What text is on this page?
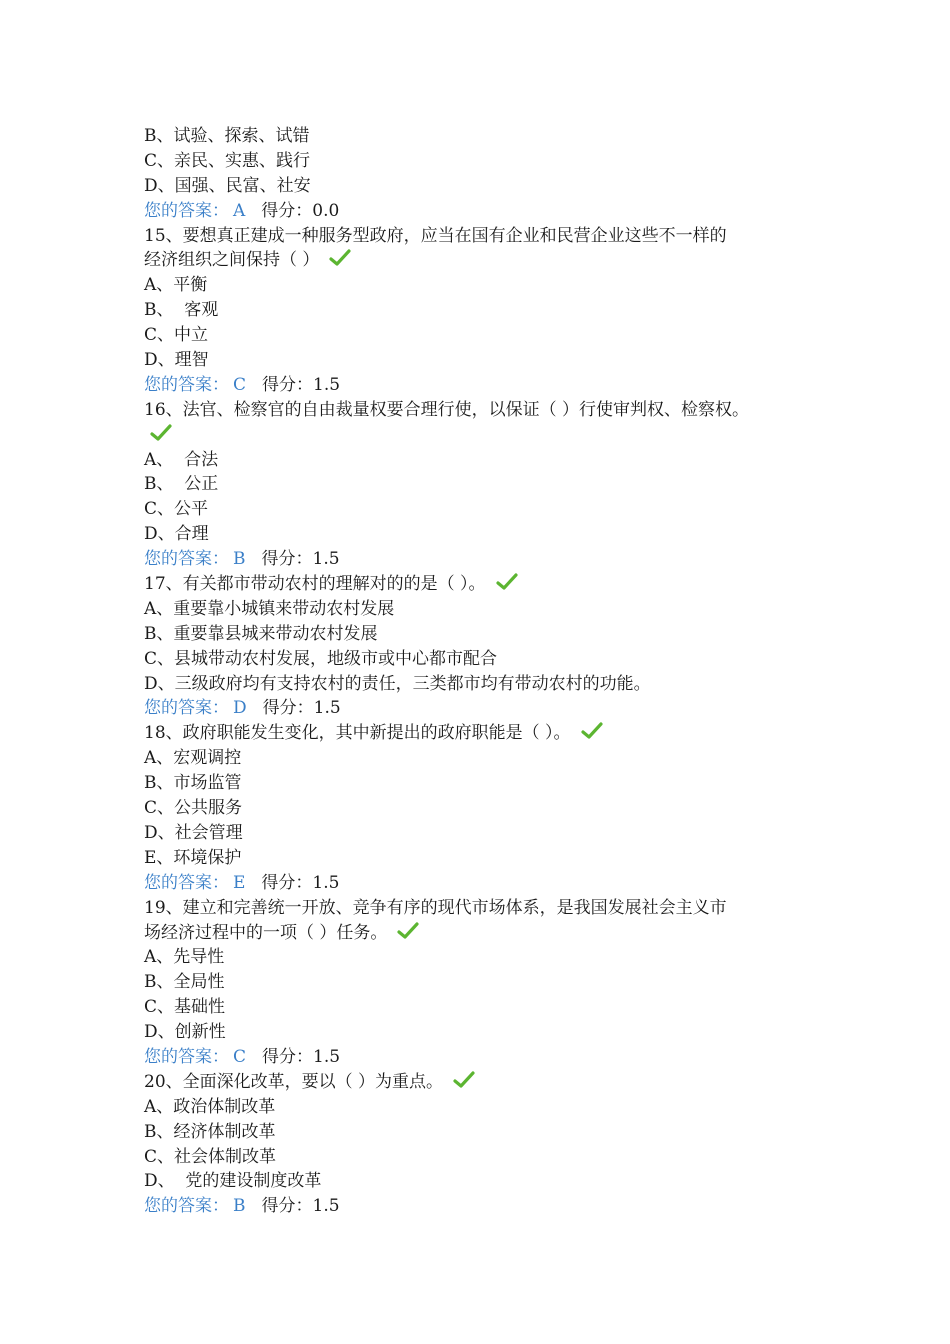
B、试验、探索、试错
C、亲民、实惠、践行
D、国强、民富、社安
您的答案： A 得分：0.0
15、要想真正建成一种服务型政府，应当在国有企业和民营企业这些不一样的
经济组织之间保持（ ）
A、平衡
B、  客观
C、中立
D、理智
您的答案： C 得分：1.5
16、法官、检察官的自由裁量权要合理行使，以保证（ ）行使审判权、检察权。
A、  合法
B、  公正
C、公平
D、合理
您的答案： B 得分：1.5
17、有关都市带动农村的理解对的的是（ ）。
A、重要靠小城镇来带动农村发展
B、重要靠县城来带动农村发展
C、县城带动农村发展，地级市或中心都市配合
D、三级政府均有支持农村的责任，三类都市均有带动农村的功能。
您的答案： D 得分：1.5
18、政府职能发生变化，其中新提出的政府职能是（ ）。
A、宏观调控
B、市场监管
C、公共服务
D、社会管理
E、环境保护
您的答案： E 得分：1.5
19、建立和完善统一开放、竞争有序的现代市场体系，是我国发展社会主义市
场经济过程中的一项（ ）任务。
A、先导性
B、全局性
C、基础性
D、创新性
您的答案： C 得分：1.5
20、全面深化改革，要以（ ）为重点。
A、政治体制改革
B、经济体制改革
C、社会体制改革
D、  党的建设制度改革
您的答案： B 得分：1.5
